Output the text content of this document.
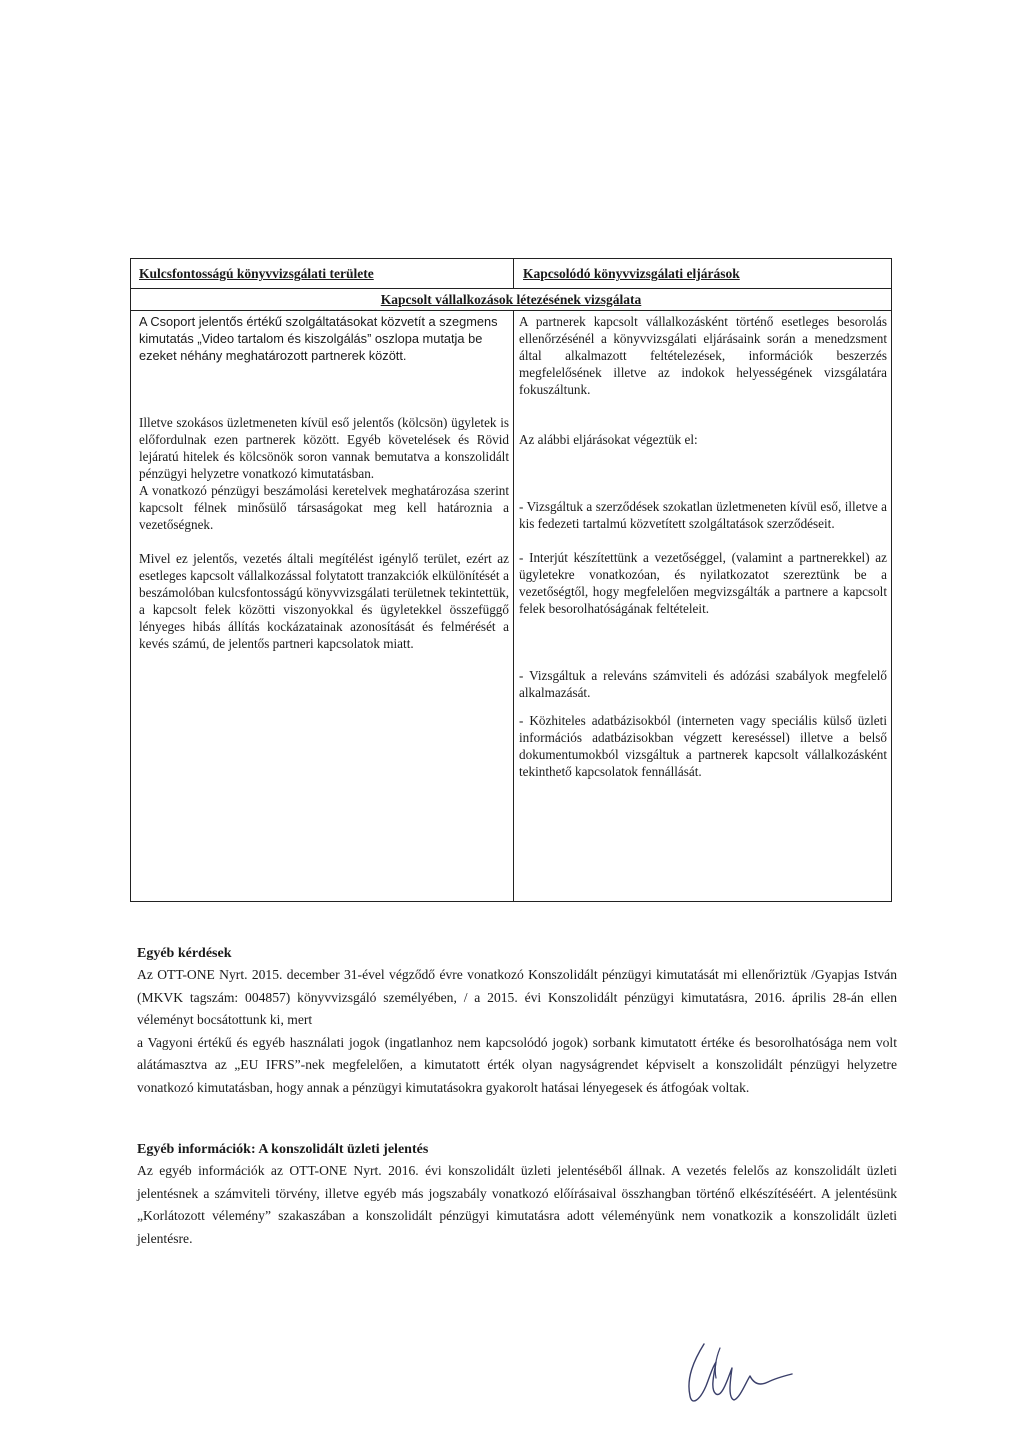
Kulcsfontosságú könyvvizsgálati területe	Kapcsolódó könyvvizsgálati eljárások
Kapcsolt vállalkozások létezésének vizsgálata

A Csoport jelentős értékű szolgáltatásokat közvetít a szegmens kimutatás „Video tartalom és kiszolgálás” oszlopa mutatja be ezeket néhány meghatározott partnerek között.

Illetve szokásos üzletmeneten kívül eső jelentős (kölcsön) ügyletek is előfordulnak ezen partnerek között. Egyéb követelések és Rövid lejáratú hitelek és kölcsönök soron vannak bemutatva a konszolidált pénzügyi helyzetre vonatkozó kimutatásban.

A vonatkozó pénzügyi beszámolási keretelvek meghatározása szerint kapcsolt félnek minősülő társaságokat meg kell határoznia a vezetőségnek.

Mivel ez jelentős, vezetés általi megítélést igénylő terület, ezért az esetleges kapcsolt vállalkozással folytatott tranzakciók elkülönítését a beszámolóban kulcsfontosságú könyvvizsgálati területnek tekintettük, a kapcsolt felek közötti viszonyokkal és ügyletekkel összefüggő lényeges hibás állítás kockázatainak azonosítását és felmérését a kevés számú, de jelentős partneri kapcsolatok miatt.

A partnerek kapcsolt vállalkozásként történő esetleges besorolás ellenőrzésénél a könyvvizsgálati eljárásaink során a menedzsment által alkalmazott feltételezések, információk beszerzés megfelelősének illetve az indokok helyességének vizsgálatára fokuszáltunk.

Az alábbi eljárásokat végeztük el:

- Vizsgáltuk a szerződések szokatlan üzletmeneten kívül eső, illetve a kis fedezeti tartalmú közvetített szolgáltatások szerződéseit.

- Interjút készítettünk a vezetőséggel, (valamint a partnerekkel) az ügyletekre vonatkozóan, és nyilatkozatot szereztünk be a vezetőségtől, hogy megfelelően megvizsgálták a partnere a kapcsolt felek besorolhatóságának feltételeit.

- Vizsgáltuk a releváns számviteli és adózási szabályok megfelelő alkalmazását.

- Közhiteles adatbázisokból (interneten vagy speciális külső üzleti információs adatbázisokban végzett kereséssel) illetve a belső dokumentumokból vizsgáltuk a partnerek kapcsolt vállalkozásként tekinthető kapcsolatok fennállását.

Egyéb kérdések

Az OTT-ONE Nyrt. 2015. december 31-ével végződő évre vonatkozó Konszolidált pénzügyi kimutatását mi ellenőriztük /Gyapjas István (MKVK tagszám: 004857) könyvvizsgáló személyében, / a 2015. évi Konszolidált pénzügyi kimutatásra, 2016. április 28-án ellen véleményt bocsátottunk ki, mert

a Vagyoni értékű és egyéb használati jogok (ingatlanhoz nem kapcsolódó jogok) sorbank kimutatott értéke és besorolhatósága nem volt alátámasztva az „EU IFRS”-nek megfelelően, a kimutatott érték olyan nagyságrendet képviselt a konszolidált pénzügyi helyzetre vonatkozó kimutatásban, hogy annak a pénzügyi kimutatásokra gyakorolt hatásai lényegesek és átfogóak voltak.

Egyéb információk: A konszolidált üzleti jelentés

Az egyéb információk az OTT-ONE Nyrt. 2016. évi konszolidált üzleti jelentéséből állnak. A vezetés felelős az konszolidált üzleti jelentésnek a számviteli törvény, illetve egyéb más jogszabály vonatkozó előírásaival összhangban történő elkészítéséért. A jelentésünk „Korlátozott vélemény” szakaszában a konszolidált pénzügyi kimutatásra adott véleményünk nem vonatkozik a konszolidált üzleti jelentésre.
